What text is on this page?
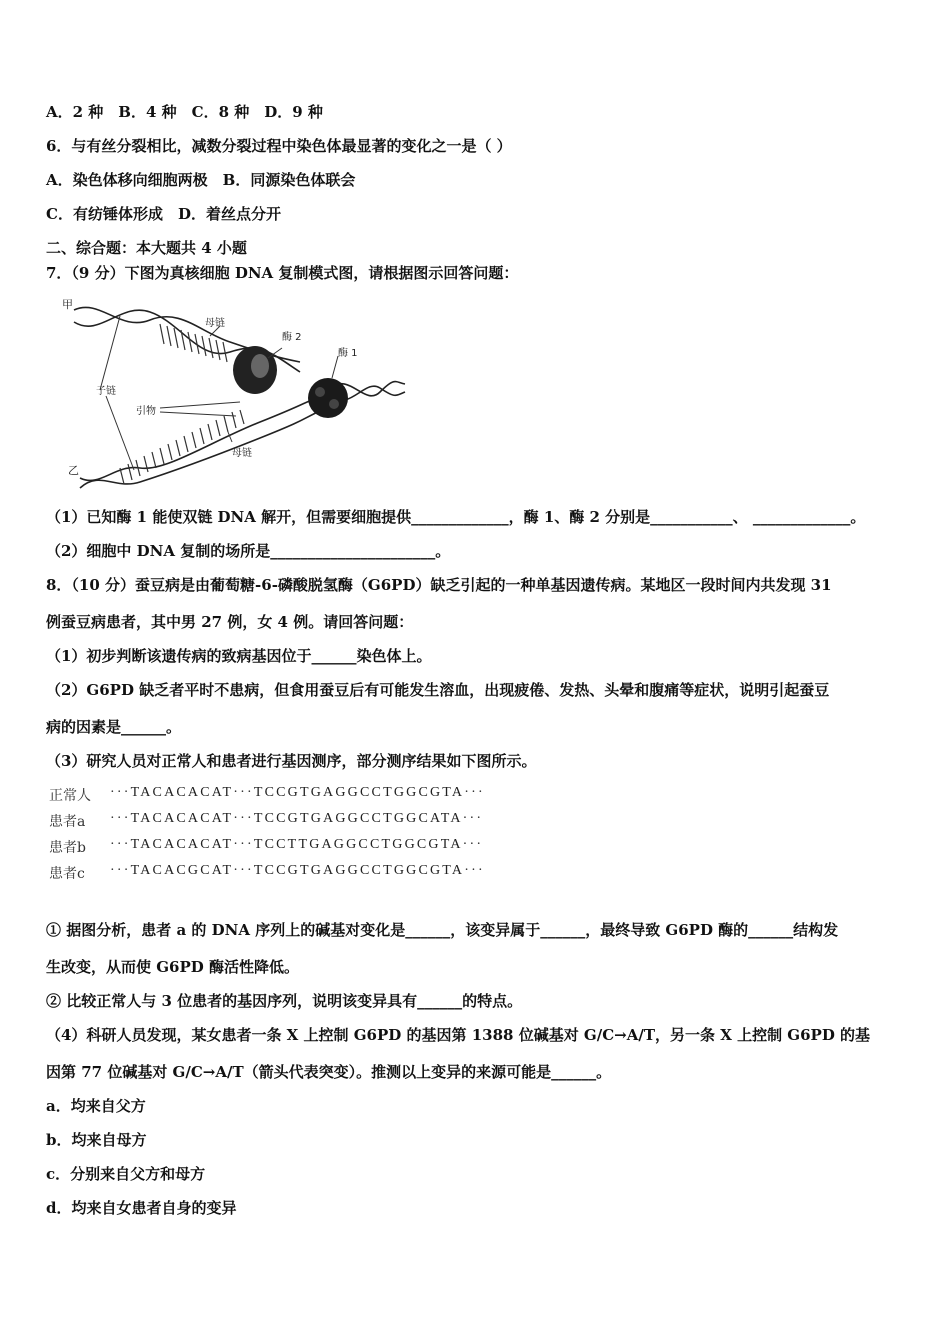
A．2 种　B．4 种　C．8 种　D．9 种
6．与有丝分裂相比，减数分裂过程中染色体最显著的变化之一是（ ）
A．染色体移向细胞两极　B．同源染色体联会
C．有纺锤体形成　D．着丝点分开
二、综合题：本大题共 4 小题
7．（9 分）下图为真核细胞 DNA 复制模式图，请根据图示回答问题：
甲
乙
母链
母链
子链
引物
酶 2
酶 1
（1）已知酶 1 能使双链 DNA 解开，但需要细胞提供_____________，酶 1、酶 2 分别是___________、 _____________。
（2）细胞中 DNA 复制的场所是______________________。
8．（10 分）蚕豆病是由葡萄糖-6-磷酸脱氢酶（G6PD）缺乏引起的一种单基因遗传病。某地区一段时间内共发现 31
例蚕豆病患者，其中男 27 例，女 4 例。请回答问题：
（1）初步判断该遗传病的致病基因位于______染色体上。
（2）G6PD 缺乏者平时不患病，但食用蚕豆后有可能发生溶血，出现疲倦、发热、头晕和腹痛等症状，说明引起蚕豆
病的因素是______。
（3）研究人员对正常人和患者进行基因测序，部分测序结果如下图所示。
正常人 ···TACACACAT···TCCGTGAGGCCTGGCGTA···
患者a ···TACACACAT···TCCGTGAGGCCTGGCATA···
患者b ···TACACACAT···TCCTTGAGGCCTGGCGTA···
患者c ···TACACGCAT···TCCGTGAGGCCTGGCGTA···
① 据图分析，患者 a 的 DNA 序列上的碱基对变化是______，该变异属于______，最终导致 G6PD 酶的______结构发
生改变，从而使 G6PD 酶活性降低。
② 比较正常人与 3 位患者的基因序列，说明该变异具有______的特点。
（4）科研人员发现，某女患者一条 X 上控制 G6PD 的基因第 1388 位碱基对 G/C→A/T，另一条 X 上控制 G6PD 的基
因第 77 位碱基对 G/C→A/T（箭头代表突变）。推测以上变异的来源可能是______。
a．均来自父方
b．均来自母方
c．分别来自父方和母方
d．均来自女患者自身的变异
